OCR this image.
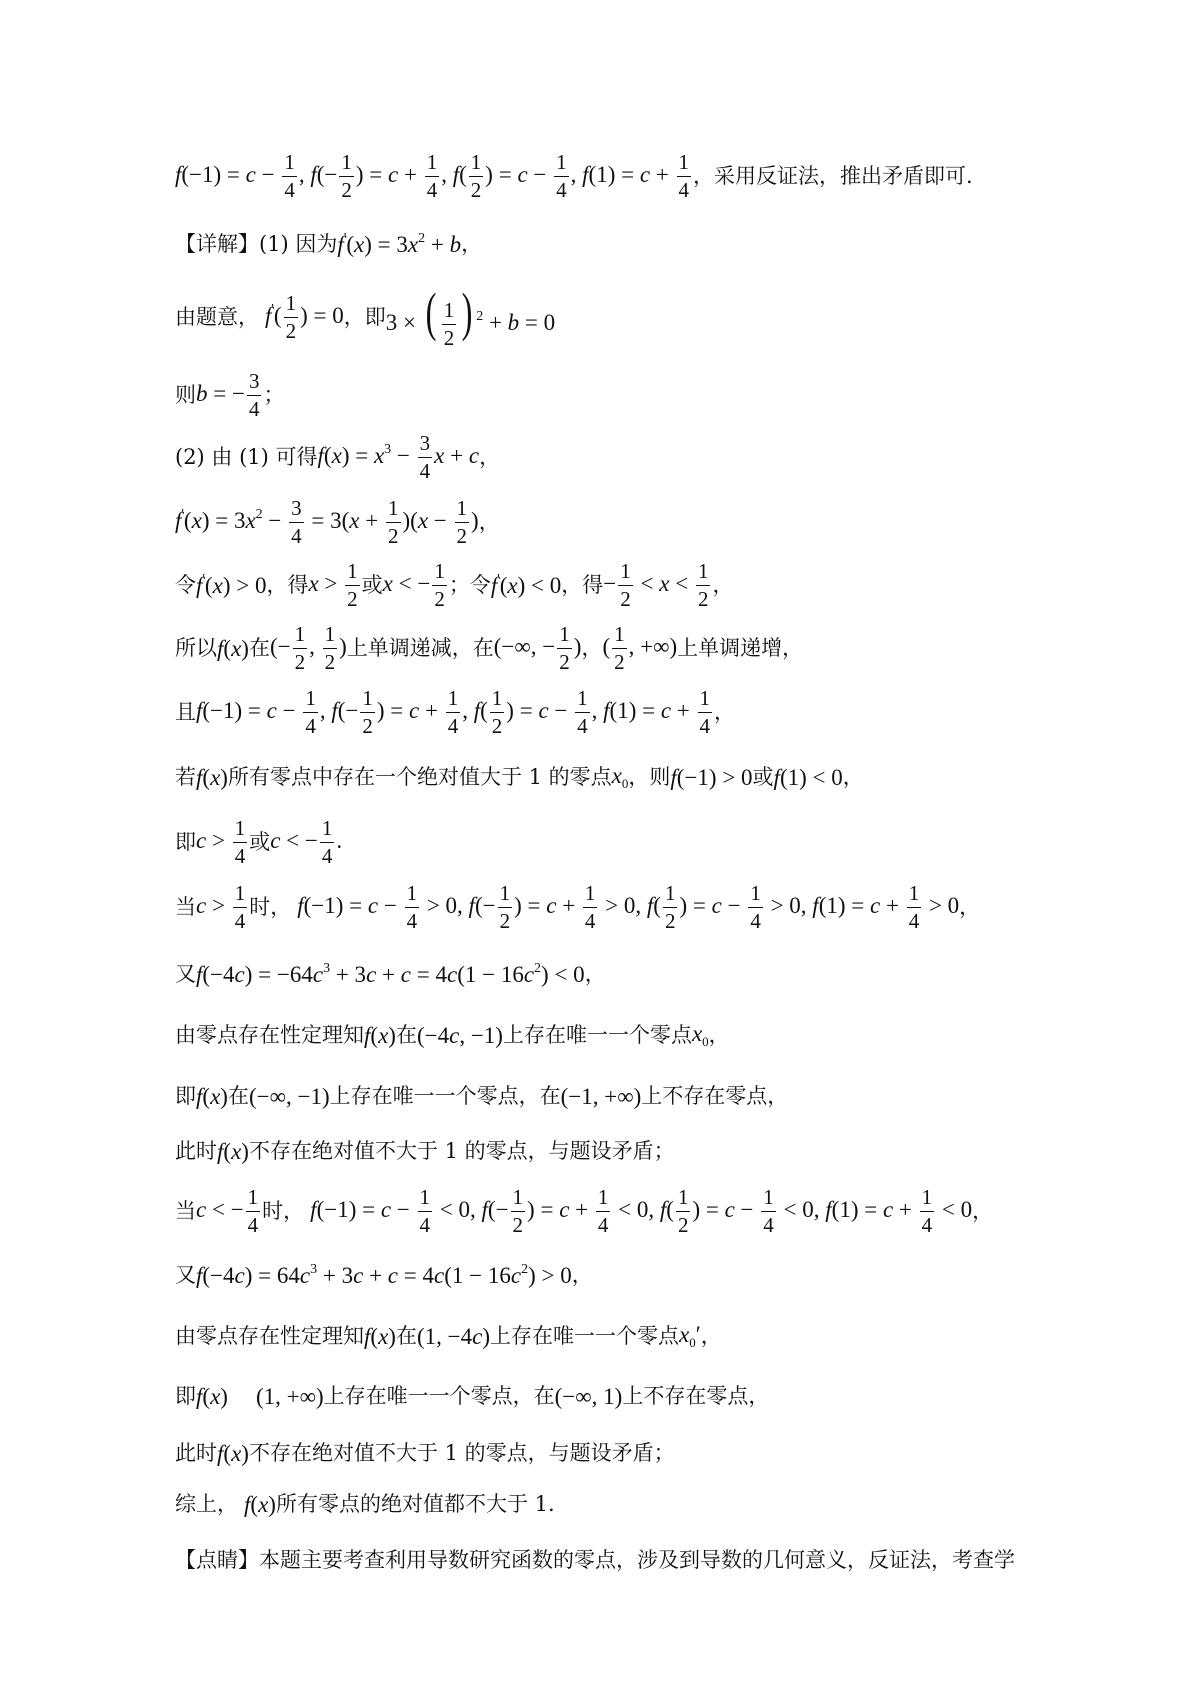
$f(-1) = c - \frac{1}{4}$ , $f(- \frac{1}{2}$ ) = $c + \frac{1}{4}$ , $f( \frac{1}{2}$ ) = $c - \frac{1}{4}$ , $f(1) = c + \frac{1}{4}$ ，采用反证法，推出矛盾即可.
【详解】(1) 因为 $f'(x) = 3x^2 + b$ ，
由题意， $f'( \frac{1}{2}$ ) = 0 ，即 3 × ( $\frac{1}{2}$ ) $^2$ + b = 0
则 b = − $\frac{3}{4}$ ；
(2) 由 (1) 可得 $f(x) = x^3 - \frac{3}{4}$ x + c ，
$f'(x) = 3x^2 - \frac{3}{4} = 3(x + \frac{1}{2} )(x - \frac{1}{2}$ ) ，
令 f'(x) > 0 ，得 $x > \frac{1}{2}$ 或 x < − $\frac{1}{2}$ ；令 f'(x) < 0 ，得 − $\frac{1}{2} < x < \frac{1}{2}$ ，
所以 f(x) 在 (− $\frac{1}{2}$ , $\frac{1}{2}$ ) 上单调递减，在 (−∞, − $\frac{1}{2}$ ) ， ( $\frac{1}{2}$ , +∞) 上单调递增，
且 $f(-1) = c - \frac{1}{4}$ , $f(- \frac{1}{2}$ ) = $c + \frac{1}{4}$ , $f( \frac{1}{2}$ ) = $c - \frac{1}{4}$ , $f(1) = c + \frac{1}{4}$ ，
若 f(x) 所有零点中存在一个绝对值大于 1 的零点 $x_0$ ，则 f(−1) > 0 或 f(1) < 0 ，
即 $c > \frac{1}{4}$ 或 c < − $\frac{1}{4}$ .
当 $c > \frac{1}{4}$ 时， $f(-1) = c - \frac{1}{4} > 0$, $f(- \frac{1}{2}$ ) = $c + \frac{1}{4} > 0$, $f( \frac{1}{2}$ ) = $c - \frac{1}{4} > 0$, $f(1) = c + \frac{1}{4} > 0$ ，
又 $f(-4c) = -64c^3 + 3c + c = 4c(1 - 16c^2) < 0$ ，
由零点存在性定理知 f(x) 在 (−4c, −1) 上存在唯一一个零点 $x_0$ ，
即 f(x) 在 (−∞, −1) 上存在唯一一个零点，在 (−1, +∞) 上不存在零点，
此时 f(x) 不存在绝对值不大于 1 的零点，与题设矛盾；
当 c < − $\frac{1}{4}$ 时， $f(-1) = c - \frac{1}{4} < 0$, $f(- \frac{1}{2}$ ) = $c + \frac{1}{4} < 0$, $f( \frac{1}{2}$ ) = $c - \frac{1}{4} < 0$, $f(1) = c + \frac{1}{4} < 0$ ，
又 $f(-4c) = 64c^3 + 3c + c = 4c(1 - 16c^2) > 0$ ，
由零点存在性定理知 f(x) 在 (1, −4c) 上存在唯一一个零点 $x_0'$ ，
即 f(x) (1, +∞) 上存在唯一一个零点，在 (−∞, 1) 上不存在零点，
此时 f(x) 不存在绝对值不大于 1 的零点，与题设矛盾；
综上， f(x) 所有零点的绝对值都不大于 1.
【点睛】本题主要考查利用导数研究函数的零点，涉及到导数的几何意义，反证法，考查学
